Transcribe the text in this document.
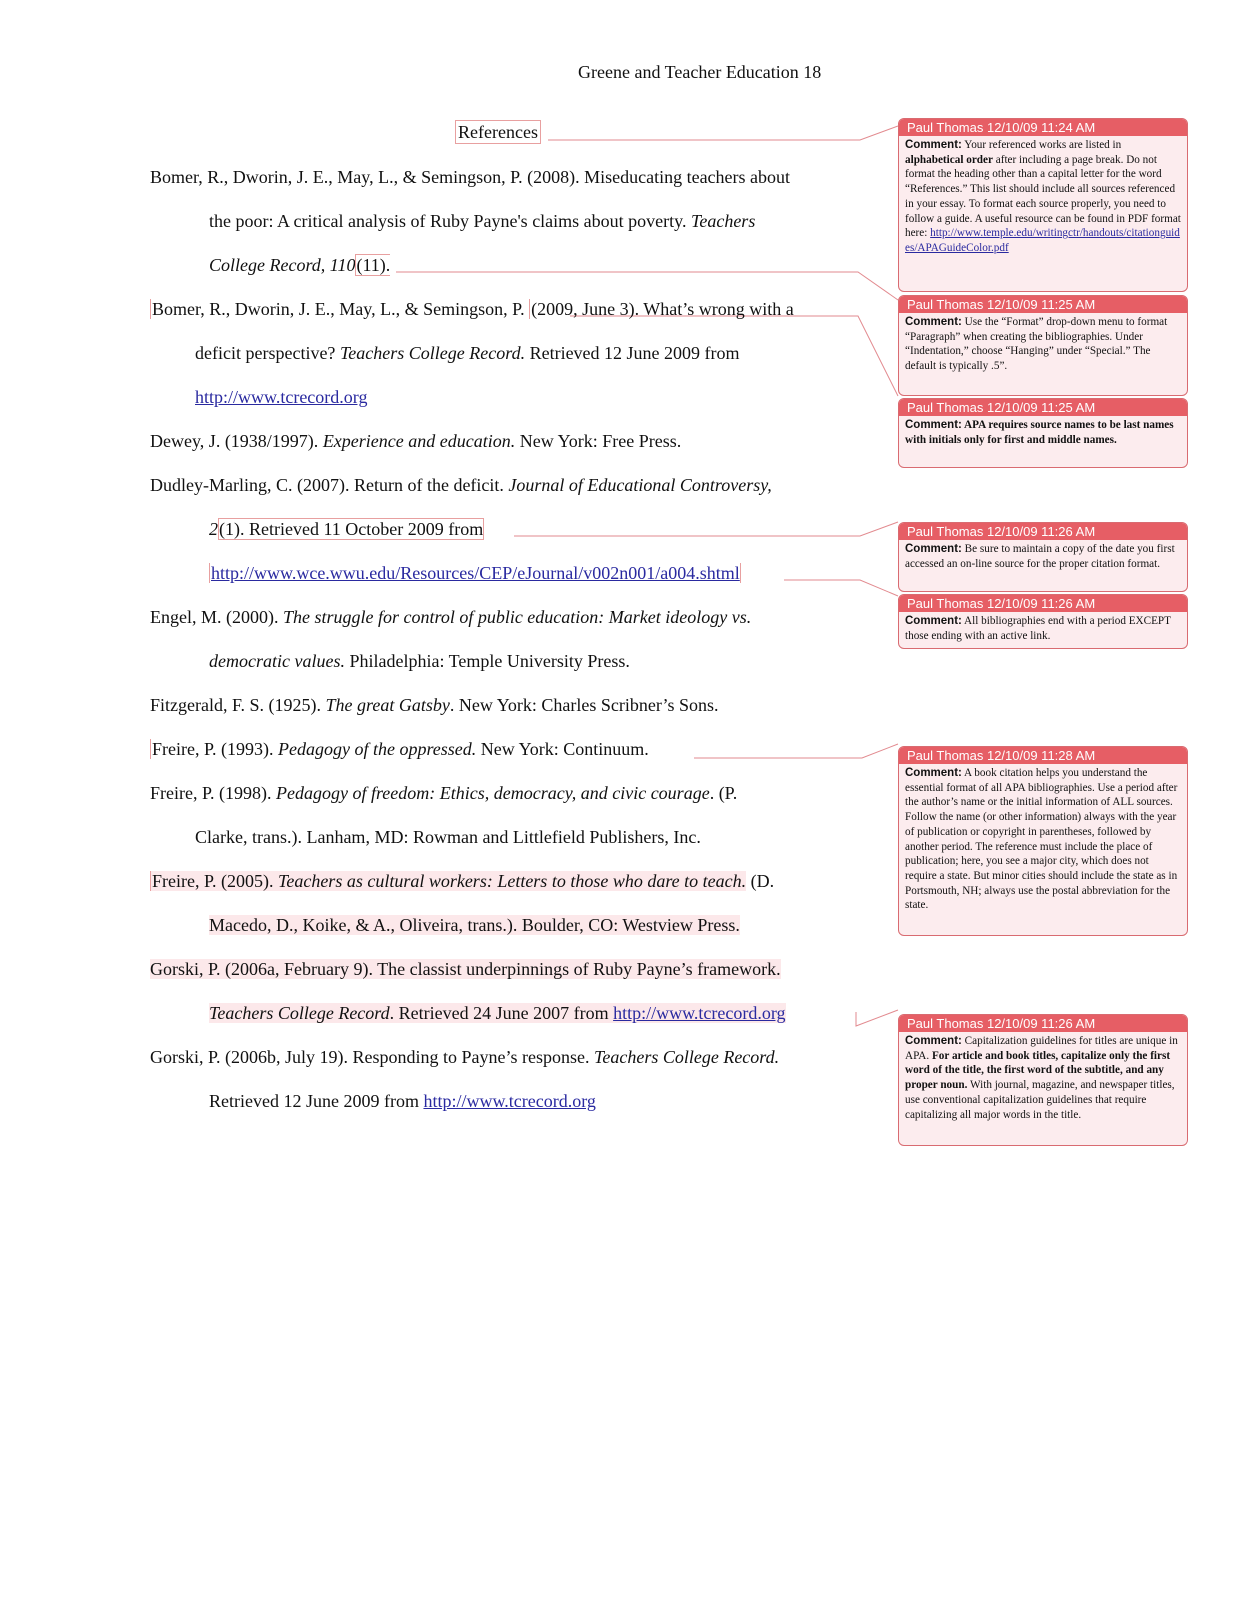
Greene and Teacher Education 18
References
Bomer, R., Dworin, J. E., May, L., & Semingson, P. (2008). Miseducating teachers about
the poor: A critical analysis of Ruby Payne's claims about poverty. Teachers
College Record, 110(11).
Bomer, R., Dworin, J. E., May, L., & Semingson, P. (2009, June 3). What’s wrong with a
deficit perspective? Teachers College Record. Retrieved 12 June 2009 from
http://www.tcrecord.org
Dewey, J. (1938/1997). Experience and education. New York: Free Press.
Dudley-Marling, C. (2007). Return of the deficit. Journal of Educational Controversy,
2(1). Retrieved 11 October 2009 from
http://www.wce.wwu.edu/Resources/CEP/eJournal/v002n001/a004.shtml
Engel, M. (2000). The struggle for control of public education: Market ideology vs.
democratic values. Philadelphia: Temple University Press.
Fitzgerald, F. S. (1925). The great Gatsby. New York: Charles Scribner’s Sons.
Freire, P. (1993). Pedagogy of the oppressed. New York: Continuum.
Freire, P. (1998). Pedagogy of freedom: Ethics, democracy, and civic courage. (P.
Clarke, trans.). Lanham, MD: Rowman and Littlefield Publishers, Inc.
Freire, P. (2005). Teachers as cultural workers: Letters to those who dare to teach. (D.
Macedo, D., Koike, & A., Oliveira, trans.). Boulder, CO: Westview Press.
Gorski, P. (2006a, February 9). The classist underpinnings of Ruby Payne’s framework.
Teachers College Record. Retrieved 24 June 2007 from http://www.tcrecord.org
Gorski, P. (2006b, July 19). Responding to Payne’s response. Teachers College Record.
Retrieved 12 June 2009 from http://www.tcrecord.org
Paul Thomas 12/10/09 11:24 AM
Comment: Your referenced works are listed in alphabetical order after including a page break. Do not format the heading other than a capital letter for the word “References.” This list should include all sources referenced in your essay. To format each source properly, you need to follow a guide. A useful resource can be found in PDF format here: http://www.temple.edu/writingctr/handouts/citationguides/APAGuideColor.pdf
Paul Thomas 12/10/09 11:25 AM
Comment: Use the “Format” drop-down menu to format “Paragraph” when creating the bibliographies. Under “Indentation,” choose “Hanging” under “Special.” The default is typically .5”.
Paul Thomas 12/10/09 11:25 AM
Comment: APA requires source names to be last names with initials only for first and middle names.
Paul Thomas 12/10/09 11:26 AM
Comment: Be sure to maintain a copy of the date you first accessed an on-line source for the proper citation format.
Paul Thomas 12/10/09 11:26 AM
Comment: All bibliographies end with a period EXCEPT those ending with an active link.
Paul Thomas 12/10/09 11:28 AM
Comment: A book citation helps you understand the essential format of all APA bibliographies. Use a period after the author’s name or the initial information of ALL sources. Follow the name (or other information) always with the year of publication or copyright in parentheses, followed by another period. The reference must include the place of publication; here, you see a major city, which does not require a state. But minor cities should include the state as in Portsmouth, NH; always use the postal abbreviation for the state.
Paul Thomas 12/10/09 11:26 AM
Comment: Capitalization guidelines for titles are unique in APA. For article and book titles, capitalize only the first word of the title, the first word of the subtitle, and any proper noun. With journal, magazine, and newspaper titles, use conventional capitalization guidelines that require capitalizing all major words in the title.
